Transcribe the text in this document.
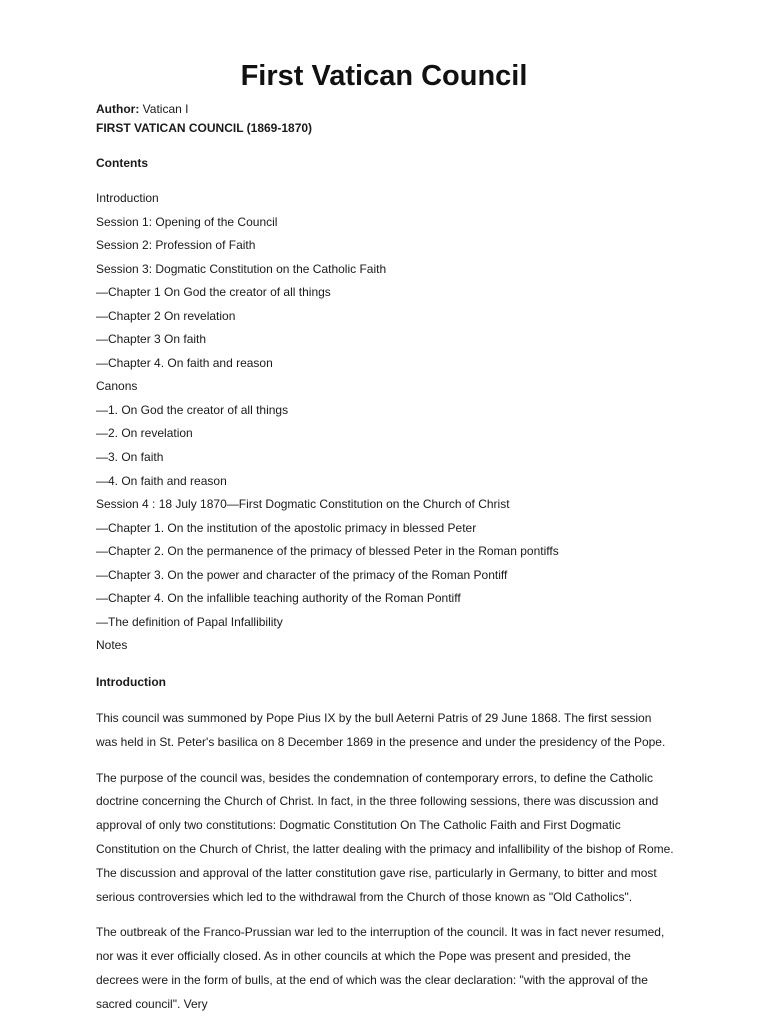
First Vatican Council
Author: Vatican I
FIRST VATICAN COUNCIL (1869-1870)
Contents
Introduction
Session 1: Opening of the Council
Session 2: Profession of Faith
Session 3: Dogmatic Constitution on the Catholic Faith
—Chapter 1 On God the creator of all things
—Chapter 2 On revelation
—Chapter 3 On faith
—Chapter 4. On faith and reason
Canons
—1. On God the creator of all things
—2. On revelation
—3. On faith
—4. On faith and reason
Session 4 : 18 July 1870—First Dogmatic Constitution on the Church of Christ
—Chapter 1. On the institution of the apostolic primacy in blessed Peter
—Chapter 2. On the permanence of the primacy of blessed Peter in the Roman pontiffs
—Chapter 3. On the power and character of the primacy of the Roman Pontiff
—Chapter 4. On the infallible teaching authority of the Roman Pontiff
—The definition of Papal Infallibility
Notes
Introduction

This council was summoned by Pope Pius IX by the bull Aeterni Patris of 29 June 1868. The first session was held in St. Peter's basilica on 8 December 1869 in the presence and under the presidency of the Pope.

The purpose of the council was, besides the condemnation of contemporary errors, to define the Catholic doctrine concerning the Church of Christ. In fact, in the three following sessions, there was discussion and approval of only two constitutions: Dogmatic Constitution On The Catholic Faith and First Dogmatic Constitution on the Church of Christ, the latter dealing with the primacy and infallibility of the bishop of Rome. The discussion and approval of the latter constitution gave rise, particularly in Germany, to bitter and most serious controversies which led to the withdrawal from the Church of those known as "Old Catholics".

The outbreak of the Franco-Prussian war led to the interruption of the council. It was in fact never resumed, nor was it ever officially closed. As in other councils at which the Pope was present and presided, the decrees were in the form of bulls, at the end of which was the clear declaration: "with the approval of the sacred council". Very
